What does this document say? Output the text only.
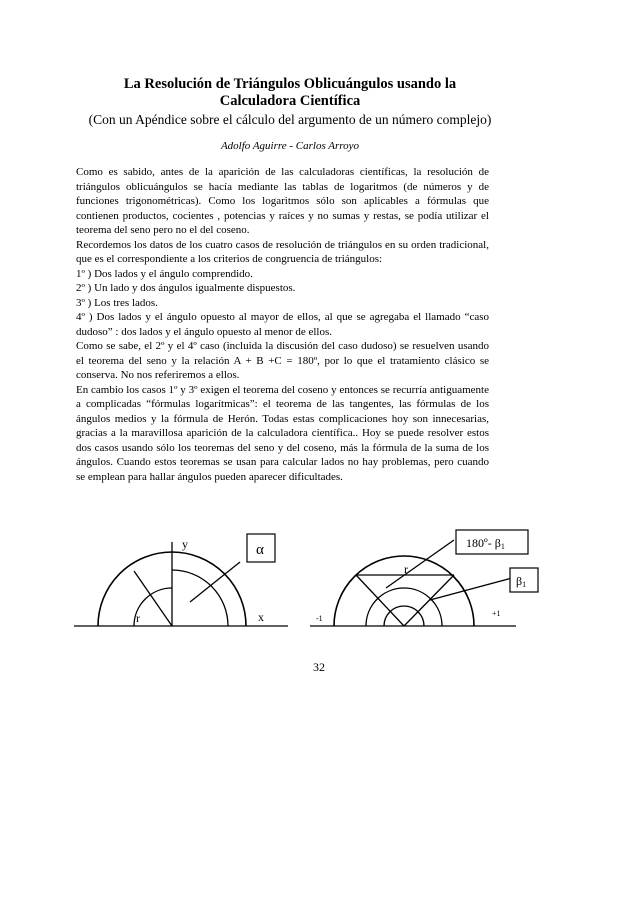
La Resolución de Triángulos Oblicuángulos usando la
Calculadora Científica

(Con un Apéndice sobre el cálculo del argumento de un número complejo)

Adolfo Aguirre - Carlos Arroyo

Como es sabido, antes de la aparición de las calculadoras científicas, la resolución de triángulos oblicuángulos se hacía mediante las tablas de logaritmos (de números y de funciones trigonométricas). Como los logaritmos sólo son aplicables a fórmulas que contienen productos, cocientes , potencias y raíces y no sumas y restas, se podía utilizar el teorema del seno pero no el del coseno.

Recordemos los datos de los cuatro casos de resolución de triángulos en su orden tradicional, que es el correspondiente a los criterios de congruencia de triángulos:

1º ) Dos lados y el ángulo comprendido.

2º ) Un lado y dos ángulos igualmente dispuestos.

3º ) Los tres lados.

4º ) Dos lados y el ángulo opuesto al mayor de ellos, al que se agregaba el llamado “caso dudoso” : dos lados y el ángulo opuesto al menor de ellos.

Como se sabe, el 2º y el 4º caso (incluida la discusión del caso dudoso) se resuelven usando el teorema del seno y la relación A + B +C = 180º, por lo que el tratamiento clásico se conserva. No nos referiremos a ellos.

En cambio los casos 1º y 3º exigen el teorema del coseno y entonces se recurría antiguamente a complicadas “fórmulas logarítmicas”: el teorema de las tangentes, las fórmulas de los ángulos medios y la fórmula de Herón. Todas estas complicaciones hoy son innecesarias, gracias a la maravillosa aparición de la calculadora científica.. Hoy se puede resolver estos dos casos usando sólo los teoremas del seno y del coseno, más la fórmula de la suma de los ángulos. Cuando estos teoremas se usan para calcular lados no hay problemas, pero cuando se emplean para hallar ángulos pueden aparecer dificultades.

y	α
r	x
180º- β1
β1
r
-1
+1

32
